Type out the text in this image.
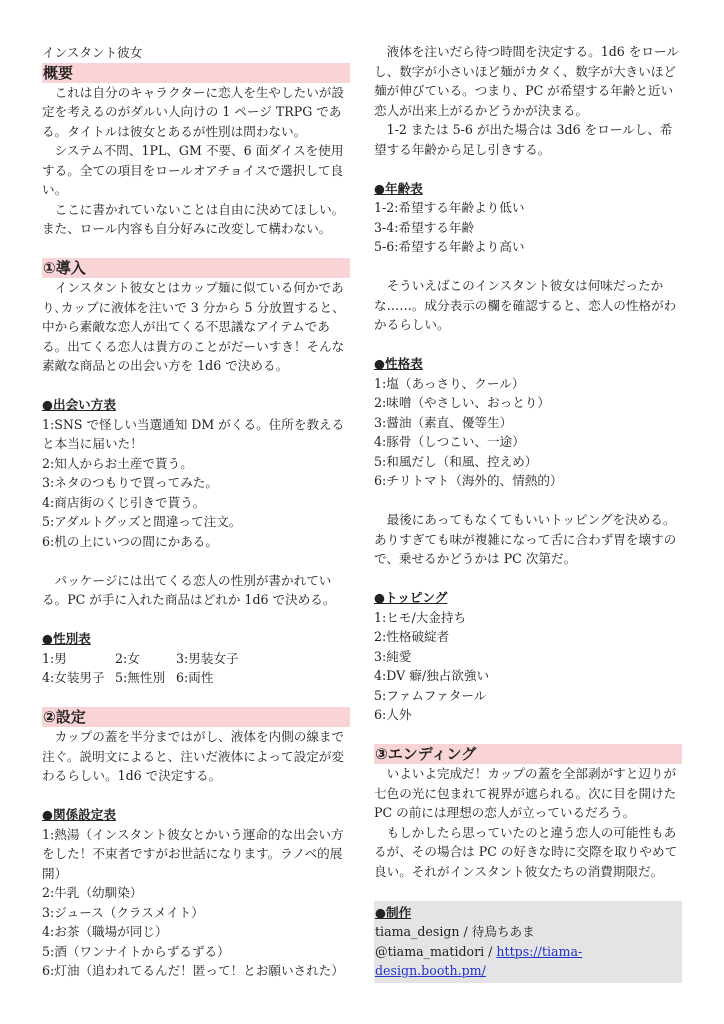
インスタント彼女
概要

これは自分のキャラクターに恋人を生やしたいが設定を考えるのがダルい人向けの 1 ページ TRPG である。タイトルは彼女とあるが性別は問わない。

システム不問、1PL、GM 不要、6 面ダイスを使用する。全ての項目をロールオアチョイスで選択して良い。

ここに書かれていないことは自由に決めてほしい。また、ロール内容も自分好みに改変して構わない。

①導入

インスタント彼女とはカップ麺に似ている何かであり､カップに液体を注いで 3 分から 5 分放置すると、中から素敵な恋人が出てくる不思議なアイテムである。出てくる恋人は貴方のことがだーいすき！そんな素敵な商品との出会い方を 1d6 で決める。

●出会い方表
1:SNS で怪しい当選通知 DM がくる。住所を教えると本当に届いた！
2:知人からお土産で貰う。
3:ネタのつもりで買ってみた。
4:商店街のくじ引きで貰う。
5:アダルトグッズと間違って注文。
6:机の上にいつの間にかある。

パッケージには出てくる恋人の性別が書かれている。PC が手に入れた商品はどれか 1d6 で決める。

●性別表
1:男	2:女	3:男装女子
4:女装男子 5:無性別 6:両性
②設定

カップの蓋を半分まではがし、液体を内側の線まで注ぐ。説明文によると、注いだ液体によって設定が変わるらしい。1d6 で決定する。

●関係設定表
1:熱湯（インスタント彼女とかいう運命的な出会い方をした！不束者ですがお世話になります。ラノベ的展開）
2:牛乳（幼馴染）
3:ジュース（クラスメイト）
4:お茶（職場が同じ）
5:酒（ワンナイトからずるずる）
6:灯油（追われてるんだ！匿って！とお願いされた）

液体を注いだら待つ時間を決定する。1d6 をロールし、数字が小さいほど麺がカタく、数字が大きいほど麺が伸びている。つまり、PC が希望する年齢と近い恋人が出来上がるかどうかが決まる。

1-2 または 5-6 が出た場合は 3d6 をロールし、希望する年齢から足し引きする。

●年齢表
1-2:希望する年齢より低い
3-4:希望する年齢
5-6:希望する年齢より高い

そういえばこのインスタント彼女は何味だったかな……。成分表示の欄を確認すると、恋人の性格がわかるらしい。

●性格表
1:塩（あっさり、クール）
2:味噌（やさしい、おっとり）
3:醤油（素直、優等生）
4:豚骨（しつこい、一途）
5:和風だし（和風、控えめ）
6:チリトマト（海外的、情熱的）

最後にあってもなくてもいいトッピングを決める。ありすぎても味が複雑になって舌に合わず胃を壊すので、乗せるかどうかは PC 次第だ。

●トッピング
1:ヒモ/大金持ち
2:性格破綻者
3:純愛
4:DV 癖/独占欲強い
5:ファムファタール
6:人外
③エンディング

いよいよ完成だ！カップの蓋を全部剥がすと辺りが七色の光に包まれて視界が遮られる。次に目を開けた PC の前には理想の恋人が立っているだろう。

もしかしたら思っていたのと違う恋人の可能性もあるが、その場合は PC の好きな時に交際を取りやめて良い。それがインスタント彼女たちの消費期限だ。

●制作
tiama_design / 待鳥ちあま
@tiama_matidori / https://tiama-design.booth.pm/
